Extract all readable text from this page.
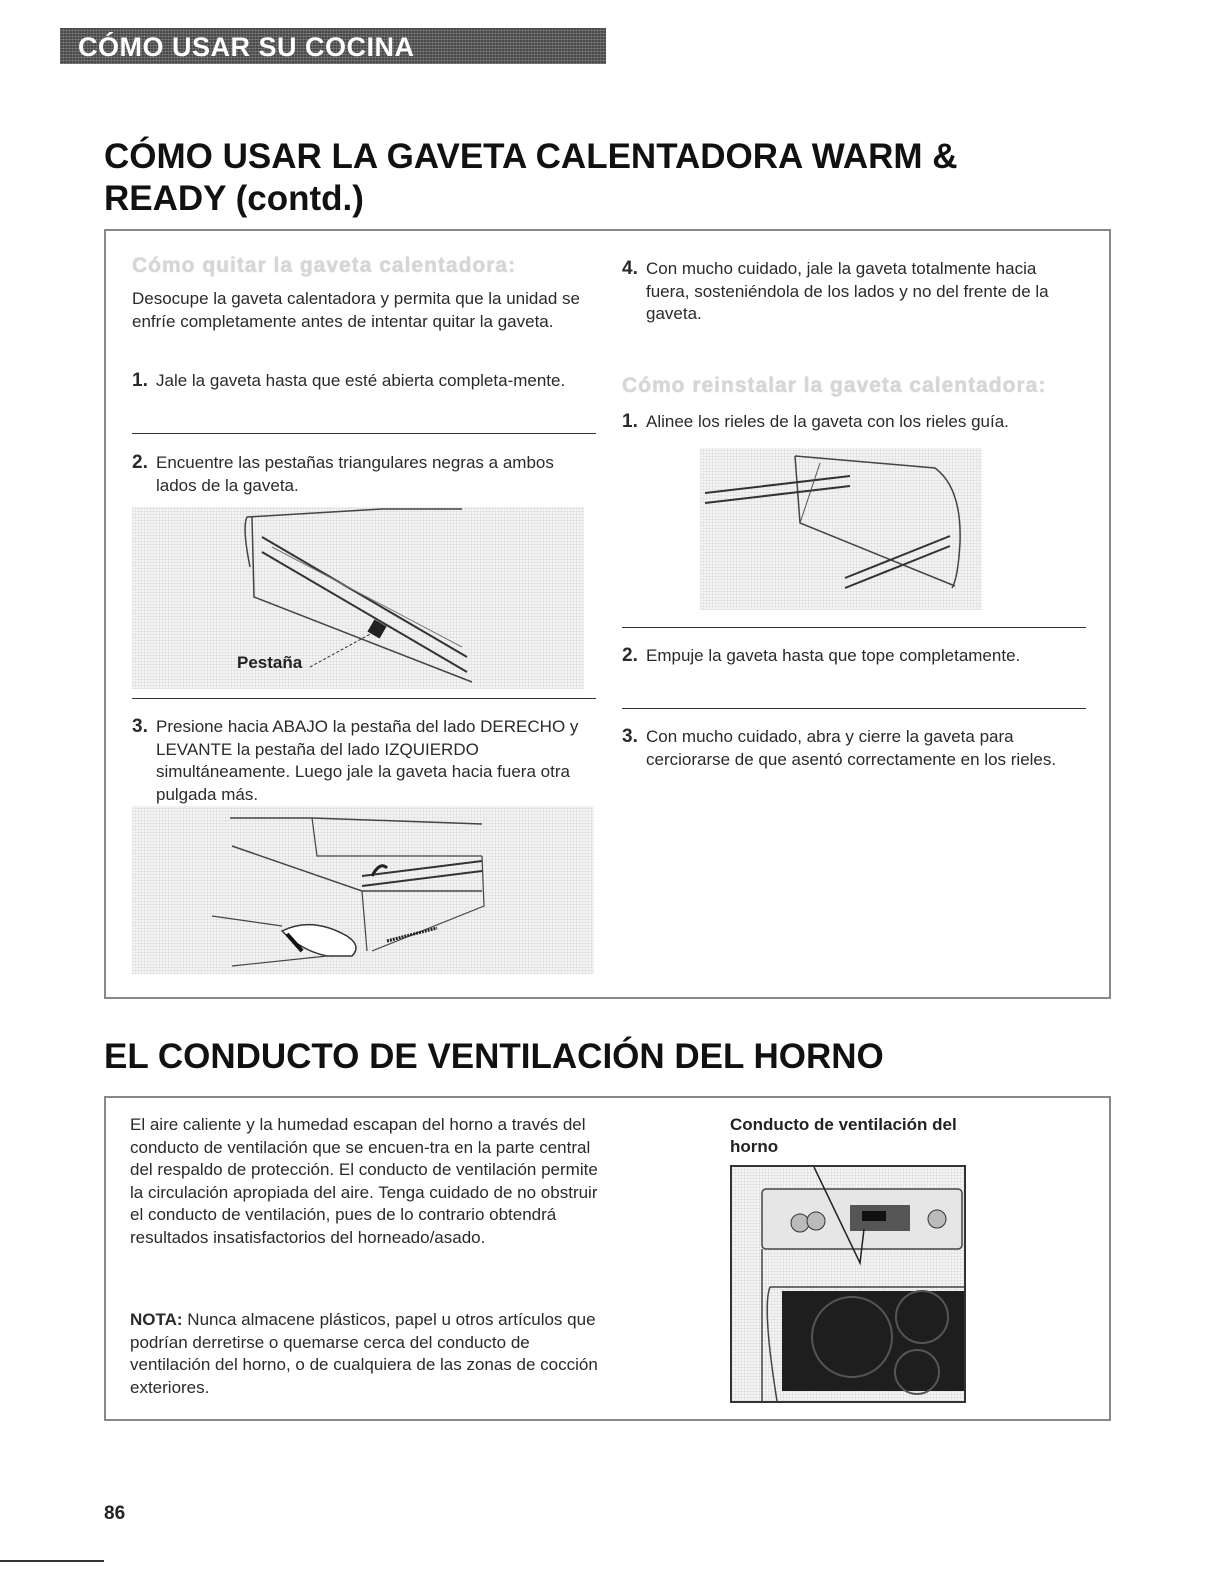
CÓMO USAR SU COCINA
CÓMO USAR LA GAVETA CALENTADORA WARM & READY (contd.)
Cómo quitar la gaveta calentadora:
Desocupe la gaveta calentadora y permita que la unidad se enfríe completamente antes de intentar quitar la gaveta.
1. Jale la gaveta hasta que esté abierta completa-mente.
2. Encuentre las pestañas triangulares negras a ambos lados de la gaveta.
Pestaña
3. Presione hacia ABAJO la pestaña del lado DERECHO y LEVANTE la pestaña del lado IZQUIERDO simultáneamente. Luego jale la gaveta hacia fuera otra pulgada más.
4. Con mucho cuidado, jale la gaveta totalmente hacia fuera, sosteniéndola de los lados y no del frente de la gaveta.
Cómo reinstalar la gaveta calentadora:
1. Alinee los rieles de la gaveta con los rieles guía.
2. Empuje la gaveta hasta que tope completamente.
3. Con mucho cuidado, abra y cierre la gaveta para cerciorarse de que asentó correctamente en los rieles.
EL CONDUCTO DE VENTILACIÓN DEL HORNO
El aire caliente y la humedad escapan del horno a través del conducto de ventilación que se encuen-tra en la parte central del respaldo de protección. El conducto de ventilación permite la circulación apropiada del aire. Tenga cuidado de no obstruir el conducto de ventilación, pues de lo contrario obtendrá resultados insatisfactorios del horneado/asado.
NOTA: Nunca almacene plásticos, papel u otros artículos que podrían derretirse o quemarse cerca del conducto de ventilación del horno, o de cualquiera de las zonas de cocción exteriores.
Conducto de ventilación del horno
86
